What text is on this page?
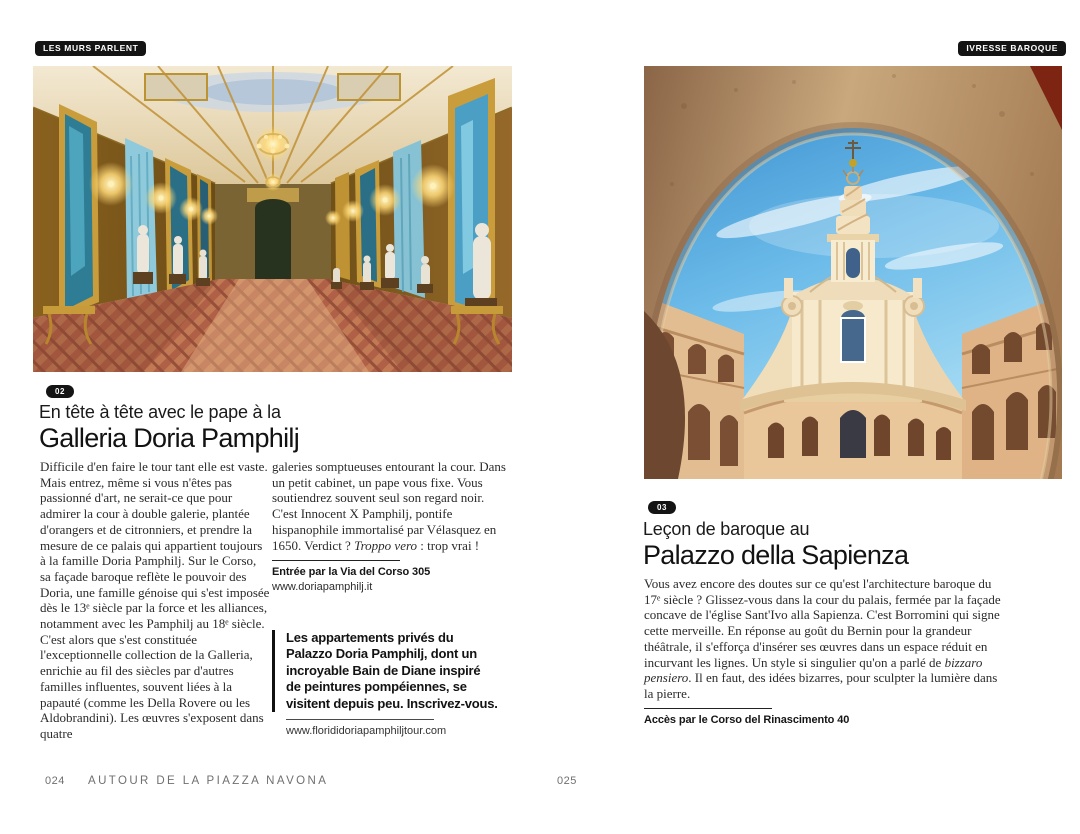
LES MURS PARLENT	IVRESSE BAROQUE
02
En tête à tête avec le pape à la
Galleria Doria Pamphilj
Difficile d'en faire le tour tant elle est vaste. Mais entrez, même si vous n'êtes pas passionné d'art, ne serait-ce que pour admirer la cour à double galerie, plantée d'orangers et de citronniers, et prendre la mesure de ce palais qui appartient toujours à la famille Doria Pamphilj. Sur le Corso, sa façade baroque reflète le pouvoir des Doria, une famille génoise qui s'est imposée dès le 13ᵉ siècle par la force et les alliances, notamment avec les Pamphilj au 18ᵉ siècle. C'est alors que s'est constituée l'exceptionnelle collection de la Galleria, enrichie au fil des siècles par d'autres familles influentes, souvent liées à la papauté (comme les Della Rovere ou les Aldobrandini). Les œuvres s'exposent dans quatre
galeries somptueuses entourant la cour. Dans un petit cabinet, un pape vous fixe. Vous soutiendrez souvent seul son regard noir. C'est Innocent X Pamphilj, pontife hispanophile immortalisé par Vélasquez en 1650. Verdict ? Troppo vero : trop vrai !
Entrée par la Via del Corso 305
www.doriapamphilj.it
Les appartements privés du Palazzo Doria Pamphilj, dont un incroyable Bain de Diane inspiré de peintures pompéiennes, se visitent depuis peu. Inscrivez-vous.
www.florididoriapamphiljtour.com
03
Leçon de baroque au
Palazzo della Sapienza
Vous avez encore des doutes sur ce qu'est l'architecture baroque du 17ᵉ siècle ? Glissez-vous dans la cour du palais, fermée par la façade concave de l'église Sant'Ivo alla Sapienza. C'est Borromini qui signe cette merveille. En réponse au goût du Bernin pour la grandeur théâtrale, il s'efforça d'insérer ses œuvres dans un espace réduit en incurvant les lignes. Un style si singulier qu'on a parlé de bizzaro pensiero. Il en faut, des idées bizarres, pour sculpter la lumière dans la pierre.
Accès par le Corso del Rinascimento 40
024 AUTOUR DE LA PIAZZA NAVONA	025
